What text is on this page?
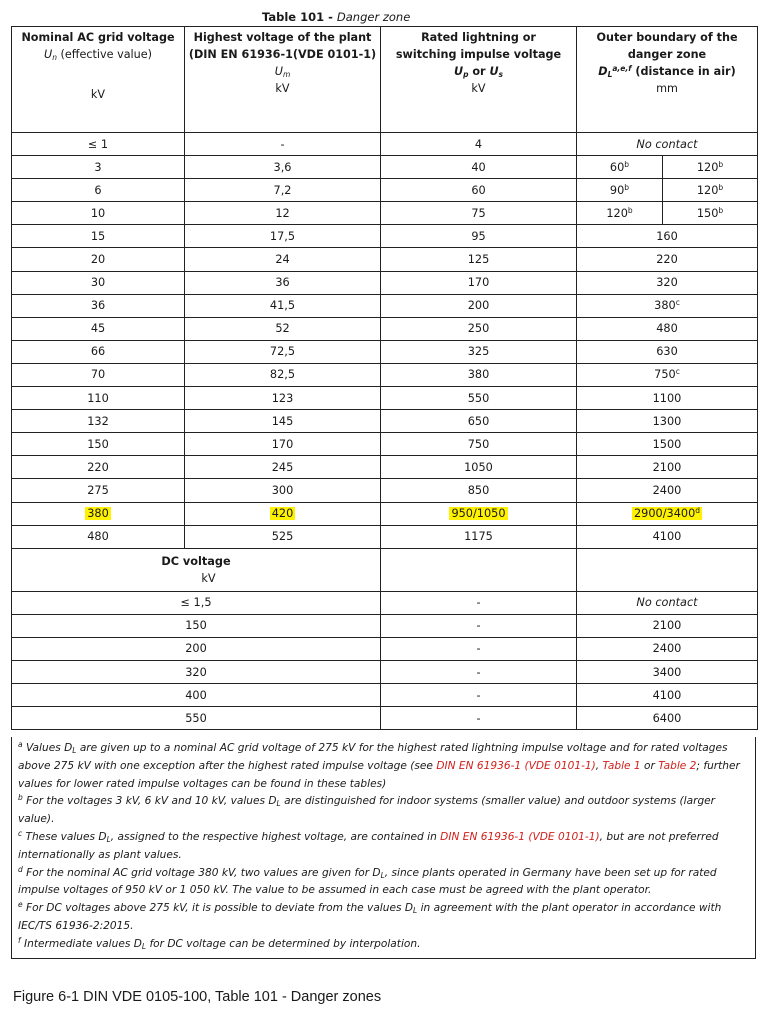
Table 101 - Danger zone
Nominal AC grid voltage
$U_n$ (effective value)

kV	Highest voltage of the plant
(DIN EN 61936-1(VDE 0101-1)
$U_m$
kV	Rated lightning or
switching impulse voltage
$U_p$ or $U_s$
kV	Outer boundary of the
danger zone
$D_L^{a,e,f}$ (distance in air)
mm	
≤ 1	-	4	No contact	
3	3,6	40	60$^b$	120$^b$
6	7,2	60	90$^b$	120$^b$
10	12	75	120$^b$	150$^b$
15	17,5	95	160	
20	24	125	220	
30	36	170	320	
36	41,5	200	380$^c$
45	52	250	480	
66	72,5	325	630	
70	82,5	380	750$^c$
110	123	550	1100	
132	145	650	1300	
150	170	750	1500	
220	245	1050	2100	
275	300	850	2400	
380	420	950/1050	2900/3400$^d$
480	525	1175	4100	
DC voltage
kV				
≤ 1,5		-	No contact	
150		-	2100	
200		-	2400	
320		-	3400	
400		-	4100	
550		-	6400	

$^a$ Values $D_L$ are given up to a nominal AC grid voltage of 275 kV for the highest rated lightning impulse voltage and for rated voltages above 275 kV with one exception after the highest rated impulse voltage (see DIN EN 61936-1 (VDE 0101-1), Table 1 or Table 2; further values for lower rated impulse voltages can be found in these tables)

$^b$ For the voltages 3 kV, 6 kV and 10 kV, values $D_L$ are distinguished for indoor systems (smaller value) and outdoor systems (larger value).

$^c$ These values $D_L$, assigned to the respective highest voltage, are contained in DIN EN 61936-1 (VDE 0101-1), but are not preferred internationally as plant values.

$^d$ For the nominal AC grid voltage 380 kV, two values are given for $D_L$, since plants operated in Germany have been set up for rated impulse voltages of 950 kV or 1 050 kV. The value to be assumed in each case must be agreed with the plant operator.

$^e$ For DC voltages above 275 kV, it is possible to deviate from the values $D_L$ in agreement with the plant operator in accordance with IEC/TS 61936-2:2015.

$^f$ Intermediate values $D_L$ for DC voltage can be determined by interpolation.

Figure 6-1 DIN VDE 0105-100, Table 101 - Danger zones
